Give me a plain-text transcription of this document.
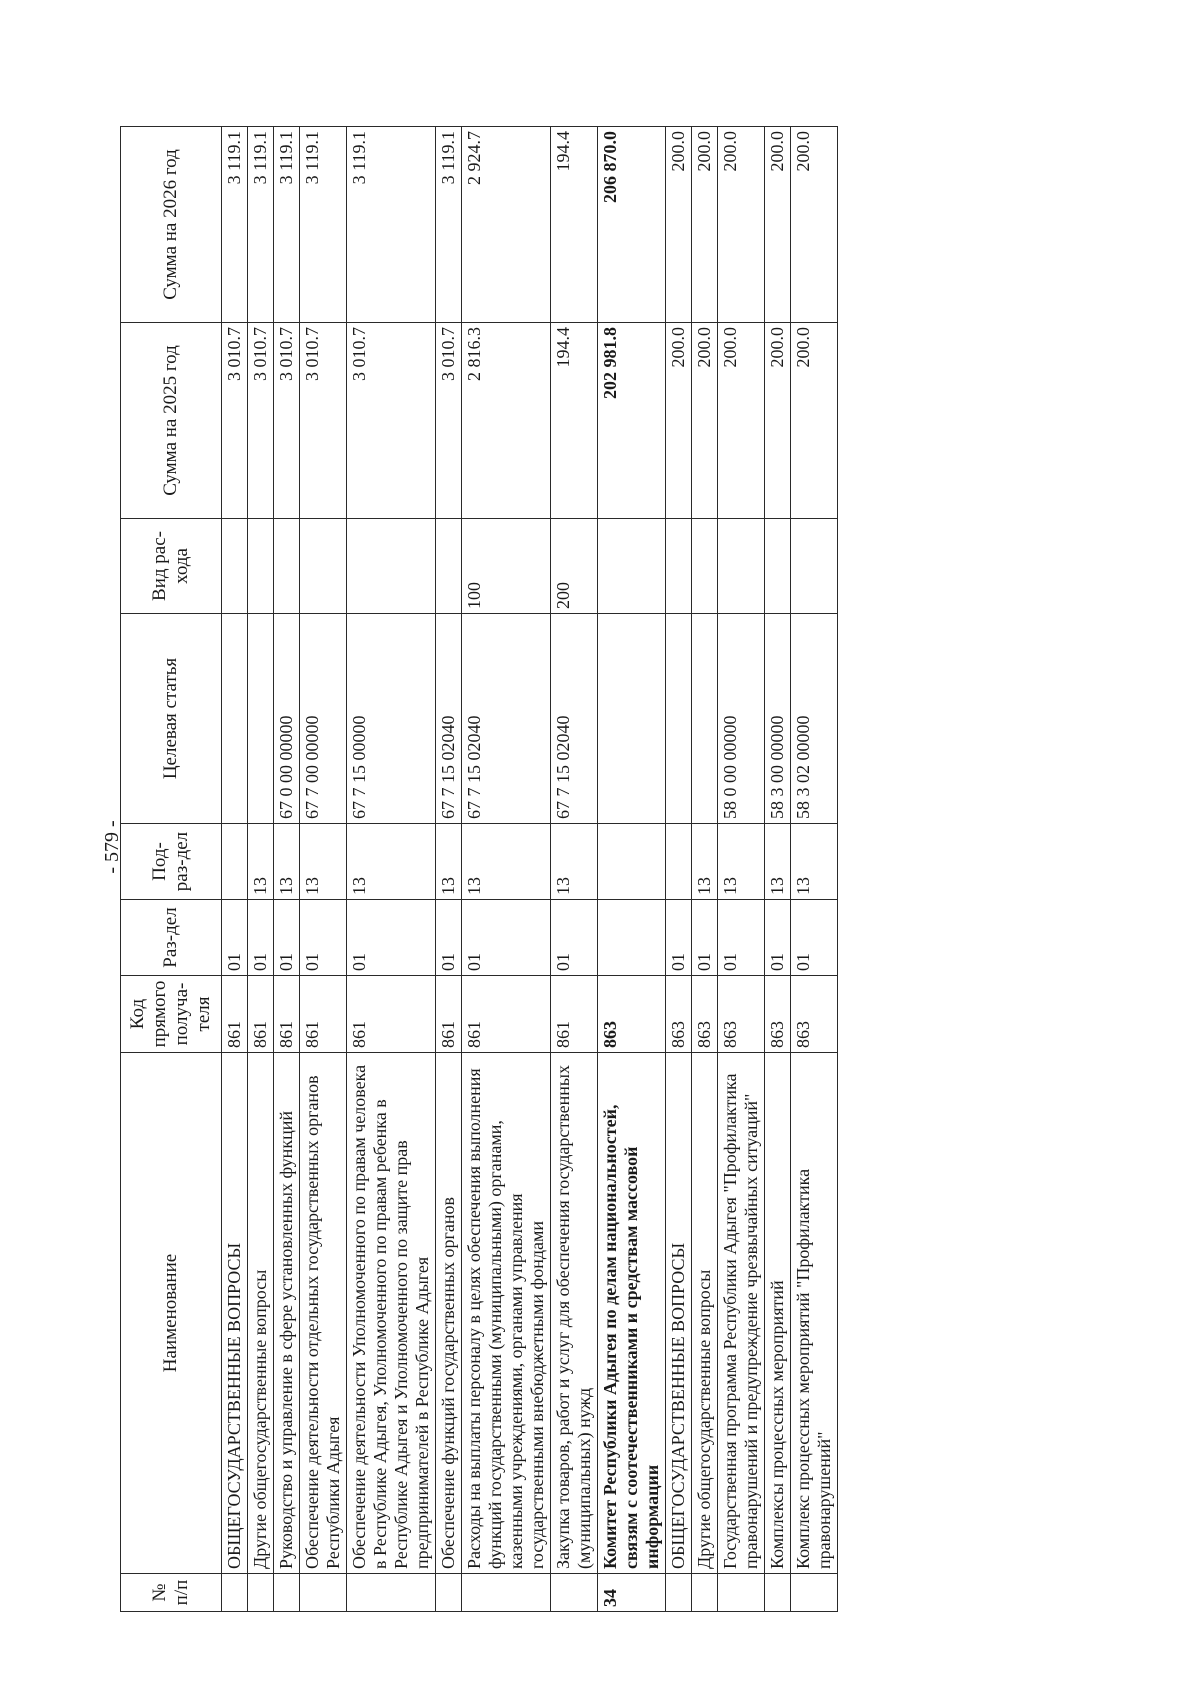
- 579 -
№ п/п	Наименование	Код прямого получа-теля	Раз-дел	Под-раз-дел	Целевая статья	Вид рас-хода	Сумма на 2025 год	Сумма на 2026 год
	ОБЩЕГОСУДАРСТВЕННЫЕ ВОПРОСЫ	861	01				3 010.7	3 119.1
	Другие общегосударственные вопросы	861	01	13			3 010.7	3 119.1
	Руководство и управление в сфере установленных функций	861	01	13	67 0 00 00000		3 010.7	3 119.1
	Обеспечение деятельности отдельных государственных органов Республики Адыгея	861	01	13	67 7 00 00000		3 010.7	3 119.1
	Обеспечение деятельности Уполномоченного по правам человека в Республике Адыгея, Уполномоченного по правам ребенка в Республике Адыгея и Уполномоченного по защите прав предпринимателей в Республике Адыгея	861	01	13	67 7 15 00000		3 010.7	3 119.1
	Обеспечение функций государственных органов	861	01	13	67 7 15 02040		3 010.7	3 119.1
	Расходы на выплаты персоналу в целях обеспечения выполнения функций государственными (муниципальными) органами, казенными учреждениями, органами управления государственными внебюджетными фондами	861	01	13	67 7 15 02040	100	2 816.3	2 924.7
	Закупка товаров, работ и услуг для обеспечения государственных (муниципальных) нужд	861	01	13	67 7 15 02040	200	194.4	194.4
34	Комитет Республики Адыгея по делам национальностей, связям с соотечественниками и средствам массовой информации	863					202 981.8	206 870.0
	ОБЩЕГОСУДАРСТВЕННЫЕ ВОПРОСЫ	863	01				200.0	200.0
	Другие общегосударственные вопросы	863	01	13			200.0	200.0
	Государственная программа Республики Адыгея "Профилактика правонарушений и предупреждение чрезвычайных ситуаций"	863	01	13	58 0 00 00000		200.0	200.0
	Комплексы процессных мероприятий	863	01	13	58 3 00 00000		200.0	200.0
	Комплекс процессных мероприятий "Профилактика правонарушений"	863	01	13	58 3 02 00000		200.0	200.0
